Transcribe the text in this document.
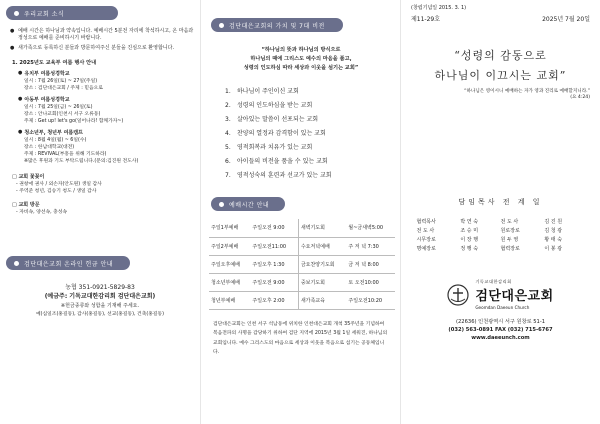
우리교회 소식
● 예배 시간은 하나님과 약속입니다. 예배시간 5분전 자리에 착석하시고, 온 마음과 정성으로 예배를 준비하시기 바랍니다.
● 새가족으로 등록하신 분들과 방문하여주신 분들을 진심으로 환영합니다.
1. 2025년도 교육부 여름 행사 안내
● 유치부 여름성경학교
일시 : 7월 26일(토) ~ 27일(주일)
장소 : 검단대은교회 / 주제 : 믿음으로
● 아동부 여름성경학교
일시 : 7월 25일(금) ~ 26일(토)
장소 : 안나교회(인천시 서구 오류동)
주제 : Get up! let's go(일어나라! 함께가자~)
● 청소년부, 청년부 여름캠프
일시 : 8월 4일(월) ~ 6일(수)
장소 : 한남대학교(대전)
주제 : REVIVAL(부흥을 위해 기도하라)
※많은 후원과 기도 부탁드립니다.(문의:김진원 전도사)
□ 교회 꽃꽂이
- 권창애 권사 / 외손자(안도원) 생일 감사
- 주역준 청년, 김승기 청도 / 생일 감사
□ 교회 방문
- 자비속, 양선속, 충성속
검단대은교회 온라인 헌금 안내
농협 351-0921-5829-83
(예금주: 기독교대한감리회 검단대은교회)
※헌금종류와 성함을 기재해 주세요.
예)십일조(홍길동), 감사(홍길동), 선교(홍길동), 건축(홍길동)
검단대은교회의 가치 및 7대 비전
“하나님의 뜻과 하나님의 방식으로
하나님의 때에 그리스도 예수의 마음을 품고,
성령의 인도하심 따라 세상과 이웃을 섬기는 교회”
1.	하나님이 주인이신 교회
2.	성령의 인도하심을 받는 교회
3.	살아있는 말씀이 선포되는 교회
4.	찬양의 열정과 감격함이 있는 교회
5.	영적회복과 치유가 있는 교회
6.	아이들의 비전을 품을 수 있는 교회
7.	영적성숙의 훈련과 선교가 있는 교회
예배시간 안내
주일1부예배	주일오전 9:00	새벽기도회	월~금새벽5:00
주일2부예배	주일오전11:00	수요저녁예배	주 저 녁 7:30
주일오후예배	주일오후 1:30	금요찬양기도회	금 저 녁 8:00
청소년부예배	주일오전 9:00	중보기도회	토 오전10:00
청년부예배	주일오후 2:00	새가족교육	주일오전10:20
검단대은교회는 인천 서구 석남동에 위치한 인천대은교회 개척 35주년을 기념하여 복음전파의 사명을 감당하기 위하여 검단 지역에 2015년 3월 1일 세워진, 하나님의 교회입니다. 예수 그리스도의 마음으로 세상과 이웃을 복음으로 섬기는 공동체입니다.
(창립기념일 2015. 3. 1)
제11-29호	2025년 7월 20일
“성령의 감동으로
하나님이 이끄시는 교회”
“하나님은 영이시니 예배하는 자가 영과 진리로 예배할지니라.”
(요 4:24)
담임목사 전 계 일
협력목사	박 연 숙	전 도 사	김 진 원
전 도 사	조 승 미	원로장로	김 청 광
시무장로	이 장 행	원 두 영	황 태 숙
명예장로	정 행 숙	협력장로	이 봉 광
기독교대한감리회
검단대은교회
Geomdan Daeeun Church
(22636) 인천광역시 서구 원창로 51-1
(032) 563-0891 FAX (032) 715-6767
www.daeeunch.com
